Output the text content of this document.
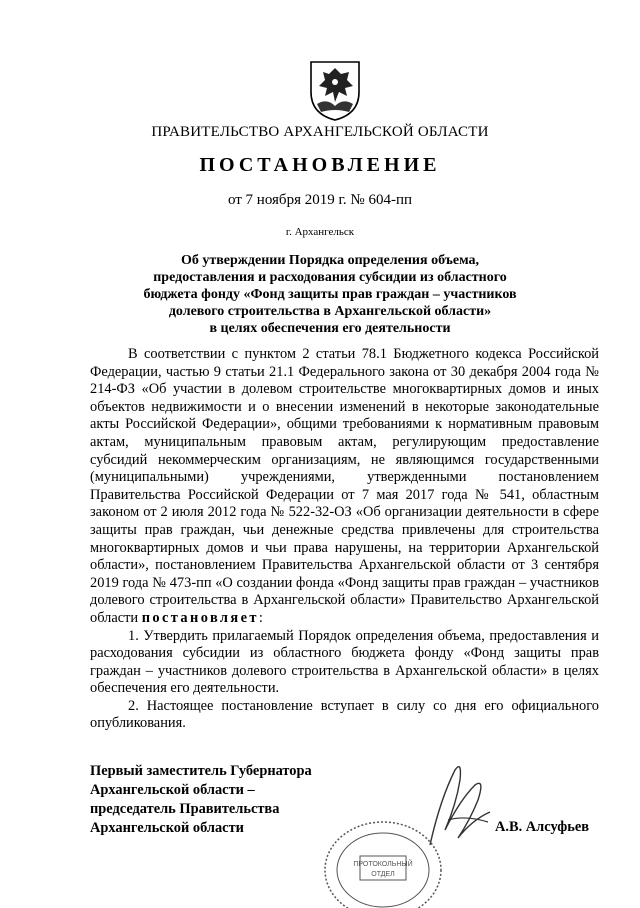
ПРАВИТЕЛЬСТВО АРХАНГЕЛЬСКОЙ ОБЛАСТИ
ПОСТАНОВЛЕНИЕ
от 7 ноября 2019 г. № 604-пп
г. Архангельск
Об утверждении Порядка определения объема,
предоставления и расходования субсидии из областного
бюджета фонду «Фонд защиты прав граждан – участников
долевого строительства в Архангельской области»
в целях обеспечения его деятельности

В соответствии с пунктом 2 статьи 78.1 Бюджетного кодекса Российской Федерации, частью 9 статьи 21.1 Федерального закона от 30 декабря 2004 года № 214-ФЗ «Об участии в долевом строительстве многоквартирных домов и иных объектов недвижимости и о внесении изменений в некоторые законодательные акты Российской Федерации», общими требованиями к нормативным правовым актам, муниципальным правовым актам, регулирующим предоставление субсидий некоммерческим организациям, не являющимся государственными (муниципальными) учреждениями, утвержденными постановлением Правительства Российской Федерации от 7 мая 2017 года № 541, областным законом от 2 июля 2012 года № 522-32-ОЗ «Об организации деятельности в сфере защиты прав граждан, чьи денежные средства привлечены для строительства многоквартирных домов и чьи права нарушены, на территории Архангельской области», постановлением Правительства Архангельской области от 3 сентября 2019 года № 473-пп «О создании фонда «Фонд защиты прав граждан – участников долевого строительства в Архангельской области» Правительство Архангельской области постановляет:

1. Утвердить прилагаемый Порядок определения объема, предоставления и расходования субсидии из областного бюджета фонду «Фонд защиты прав граждан – участников долевого строительства в Архангельской области» в целях обеспечения его деятельности.

2. Настоящее постановление вступает в силу со дня его официального опубликования.

Первый заместитель Губернатора
Архангельской области –
председатель Правительства
Архангельской области	А.В. Алсуфьев
ПРОТОКОЛЬНЫЙ
ОТДЕЛ
